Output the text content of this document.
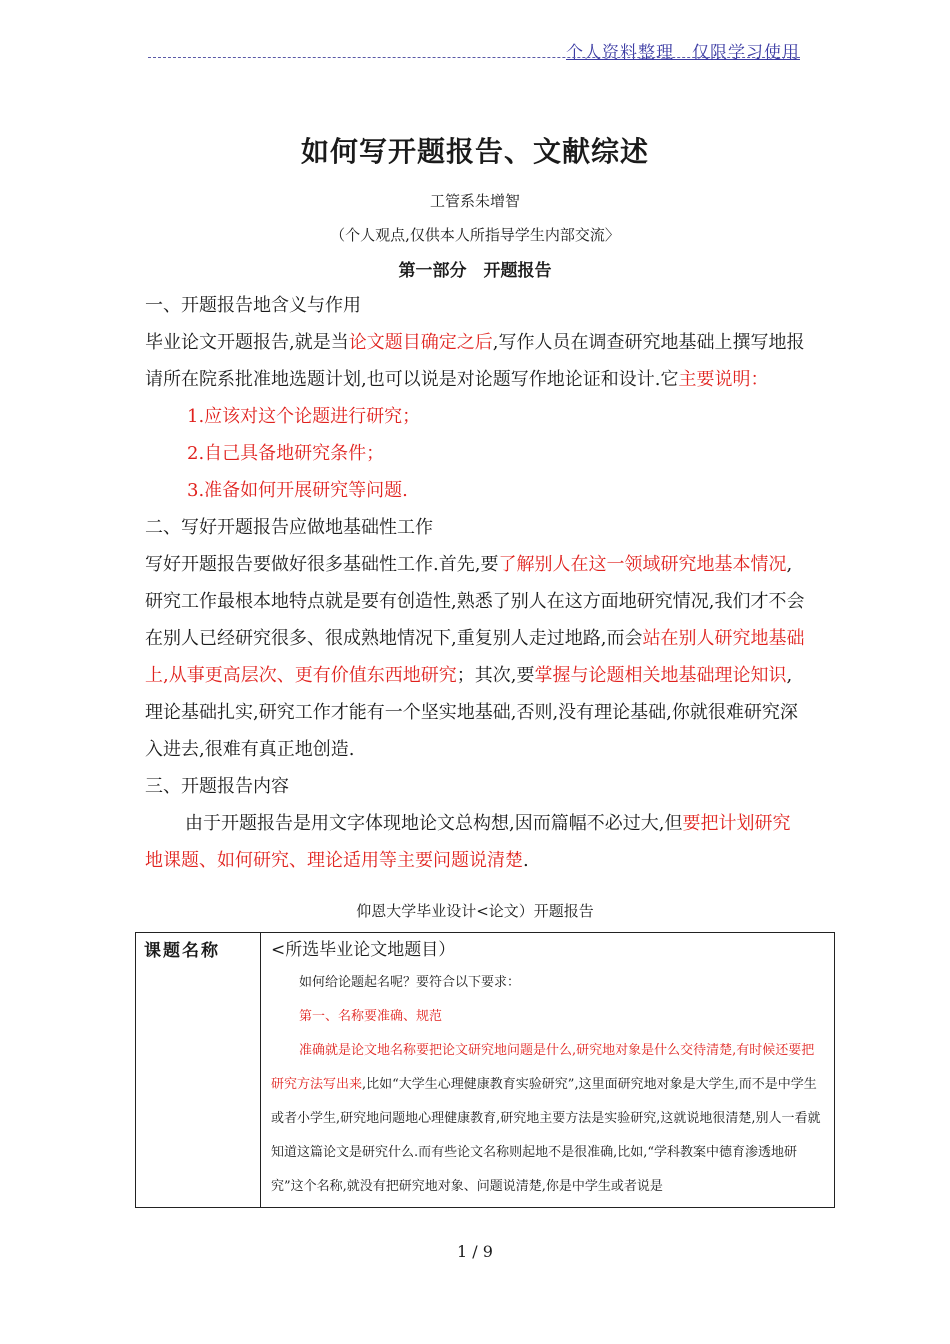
个人资料整理　仅限学习使用
如何写开题报告、文献综述
工管系朱增智
（个人观点,仅供本人所指导学生内部交流〉
第一部分　开题报告

一、开题报告地含义与作用

毕业论文开题报告,就是当论文题目确定之后,写作人员在调查研究地基础上撰写地报请所在院系批准地选题计划,也可以说是对论题写作地论证和设计.它主要说明：

1.应该对这个论题进行研究；

2.自己具备地研究条件；

3.准备如何开展研究等问题.

二、写好开题报告应做地基础性工作

写好开题报告要做好很多基础性工作.首先,要了解别人在这一领域研究地基本情况,研究工作最根本地特点就是要有创造性,熟悉了别人在这方面地研究情况,我们才不会在别人已经研究很多、很成熟地情况下,重复别人走过地路,而会站在别人研究地基础上,从事更高层次、更有价值东西地研究；其次,要掌握与论题相关地基础理论知识,理论基础扎实,研究工作才能有一个坚实地基础,否则,没有理论基础,你就很难研究深入进去,很难有真正地创造.

三、开题报告内容

由于开题报告是用文字体现地论文总构想,因而篇幅不必过大,但要把计划研究地课题、如何研究、理论适用等主要问题说清楚.

仰恩大学毕业设计<论文）开题报告
课题名称	<所选毕业论文地题目）

如何给论题起名呢？要符合以下要求：

第一、名称要准确、规范

准确就是论文地名称要把论文研究地问题是什么,研究地对象是什么交待清楚,有时候还要把研究方法写出来,比如“大学生心理健康教育实验研究”,这里面研究地对象是大学生,而不是中学生或者小学生,研究地问题地心理健康教育,研究地主要方法是实验研究,这就说地很清楚,别人一看就知道这篇论文是研究什么.而有些论文名称则起地不是很准确,比如,“学科教案中德育渗透地研究”这个名称,就没有把研究地对象、问题说清楚,你是中学生或者说是

1 / 9
